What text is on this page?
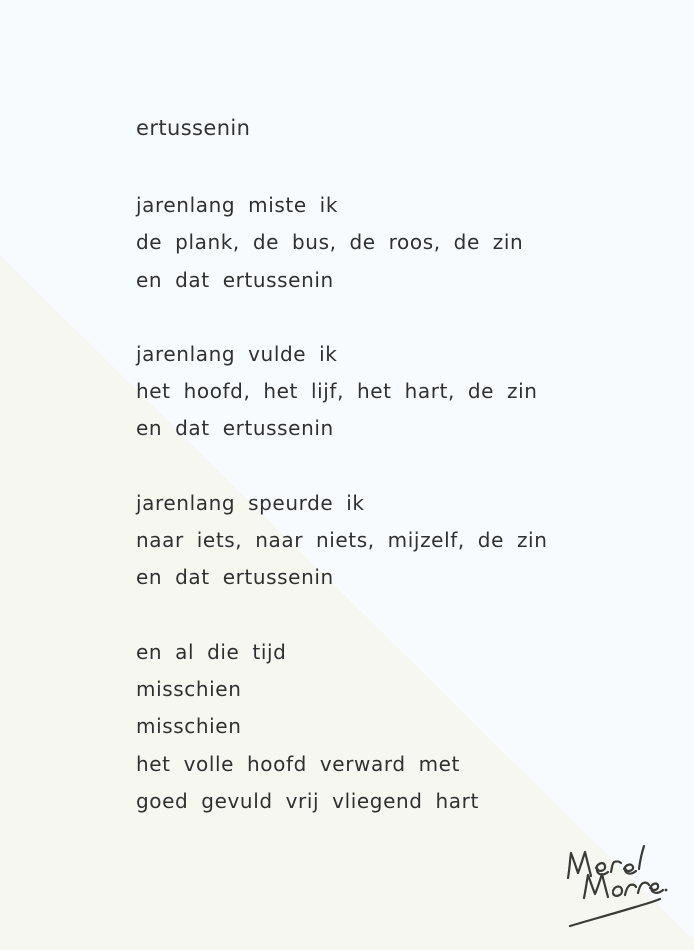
ertussenin
jarenlang miste ik
de plank, de bus, de roos, de zin
en dat ertussenin
jarenlang vulde ik
het hoofd, het lijf, het hart, de zin
en dat ertussenin
jarenlang speurde ik
naar iets, naar niets, mijzelf, de zin
en dat ertussenin
en al die tijd
misschien
misschien
het volle hoofd verward met
goed gevuld vrij vliegend hart
